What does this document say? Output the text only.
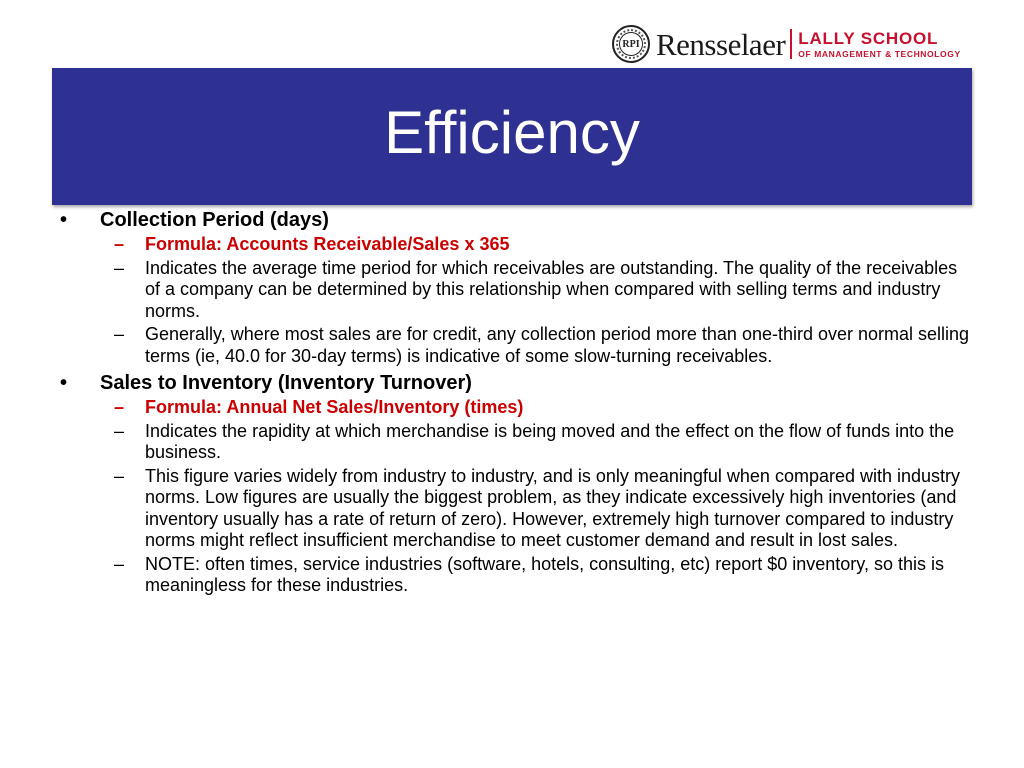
RPI Rensselaer LALLY SCHOOL
OF MANAGEMENT & TECHNOLOGY
Efficiency
• Collection Period (days)
– Formula: Accounts Receivable/Sales x 365
– Indicates the average time period for which receivables are outstanding. The quality of the receivables of a company can be determined by this relationship when compared with selling terms and industry norms.
– Generally, where most sales are for credit, any collection period more than one-third over normal selling terms (ie, 40.0 for 30-day terms) is indicative of some slow-turning receivables.
• Sales to Inventory (Inventory Turnover)
– Formula: Annual Net Sales/Inventory (times)
– Indicates the rapidity at which merchandise is being moved and the effect on the flow of funds into the business.
– This figure varies widely from industry to industry, and is only meaningful when compared with industry norms. Low figures are usually the biggest problem, as they indicate excessively high inventories (and inventory usually has a rate of return of zero). However, extremely high turnover compared to industry norms might reflect insufficient merchandise to meet customer demand and result in lost sales.
– NOTE: often times, service industries (software, hotels, consulting, etc) report $0 inventory, so this is meaningless for these industries.
